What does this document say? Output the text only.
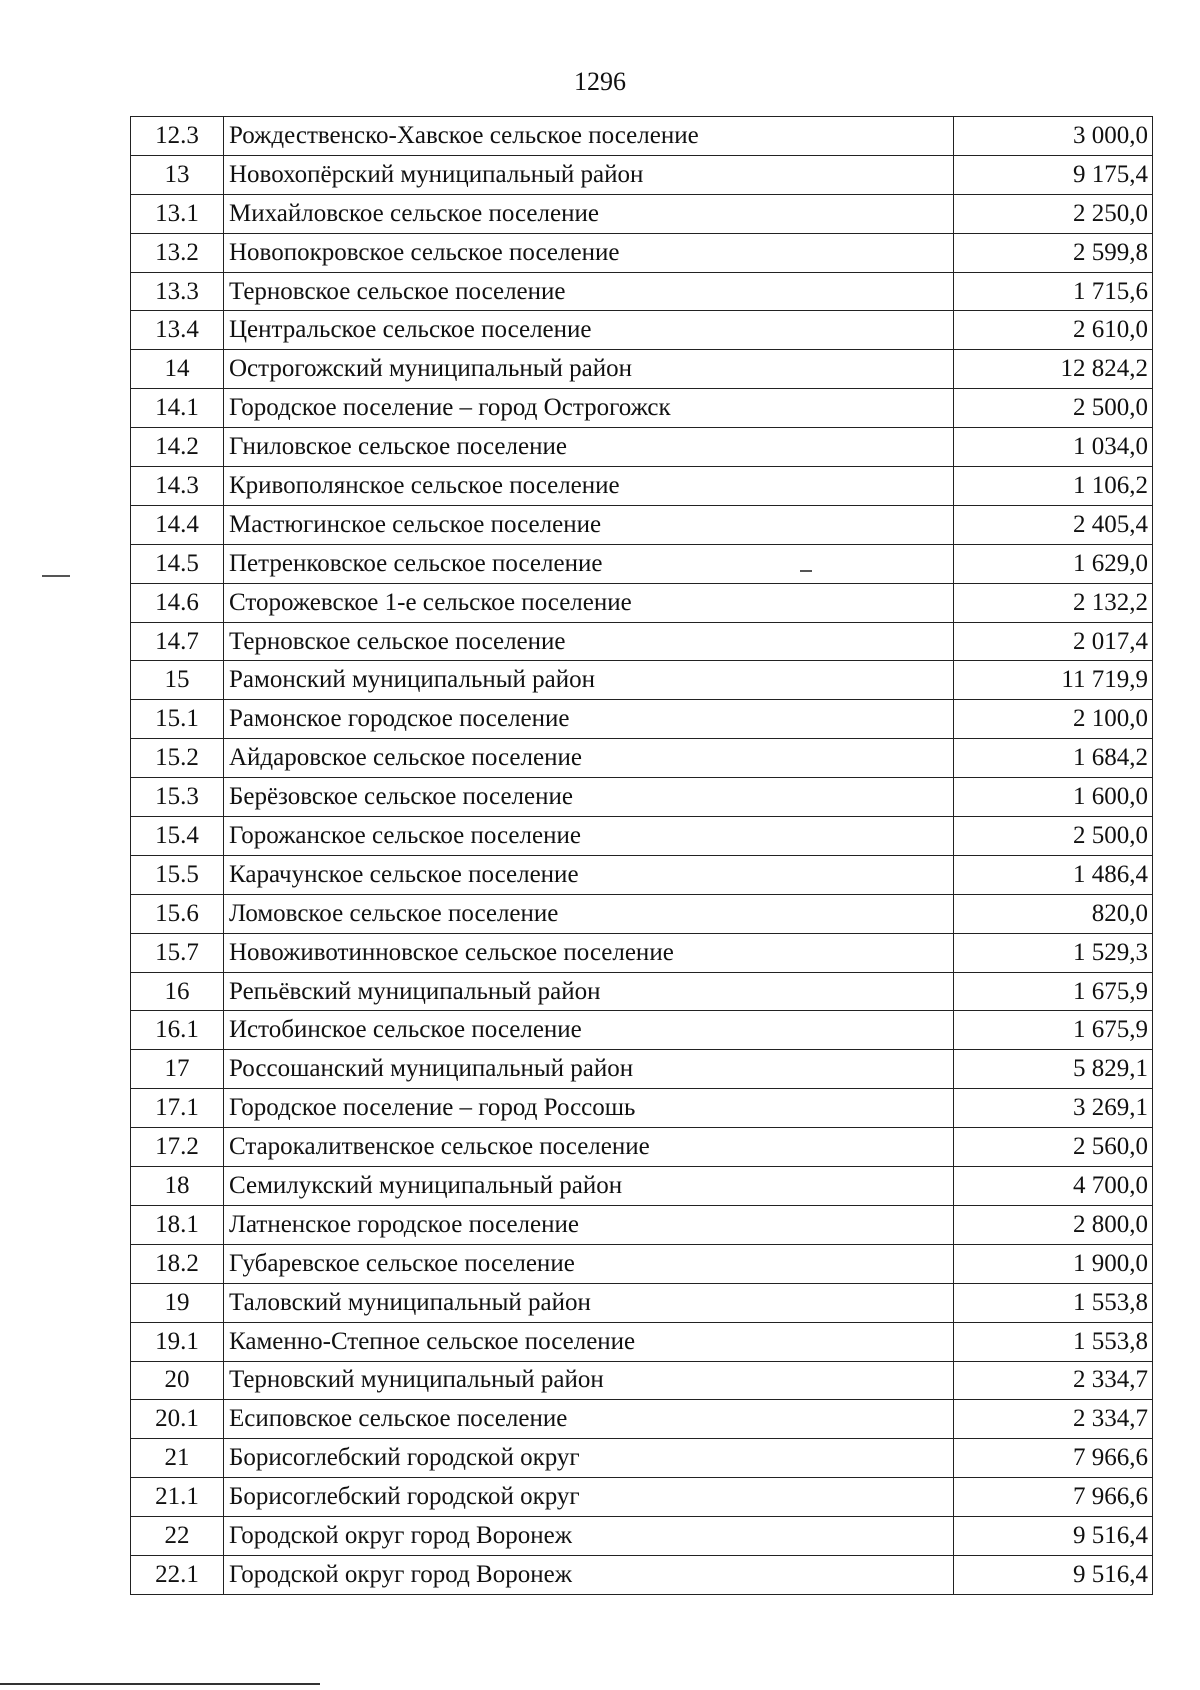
1296
12.3	Рождественско-Хавское сельское поселение	3 000,0
13	Новохопёрский муниципальный район	9 175,4
13.1	Михайловское сельское поселение	2 250,0
13.2	Новопокровское сельское поселение	2 599,8
13.3	Терновское сельское поселение	1 715,6
13.4	Центральское сельское поселение	2 610,0
14	Острогожский муниципальный район	12 824,2
14.1	Городское поселение – город Острогожск	2 500,0
14.2	Гниловское сельское поселение	1 034,0
14.3	Кривополянское сельское поселение	1 106,2
14.4	Мастюгинское сельское поселение	2 405,4
14.5	Петренковское сельское поселение	1 629,0
14.6	Сторожевское 1-е сельское поселение	2 132,2
14.7	Терновское сельское поселение	2 017,4
15	Рамонский муниципальный район	11 719,9
15.1	Рамонское городское поселение	2 100,0
15.2	Айдаровское сельское поселение	1 684,2
15.3	Берёзовское сельское поселение	1 600,0
15.4	Горожанское сельское поселение	2 500,0
15.5	Карачунское сельское поселение	1 486,4
15.6	Ломовское сельское поселение	820,0
15.7	Новоживотинновское сельское поселение	1 529,3
16	Репьёвский муниципальный район	1 675,9
16.1	Истобинское сельское поселение	1 675,9
17	Россошанский муниципальный район	5 829,1
17.1	Городское поселение – город Россошь	3 269,1
17.2	Старокалитвенское сельское поселение	2 560,0
18	Семилукский муниципальный район	4 700,0
18.1	Латненское городское поселение	2 800,0
18.2	Губаревское сельское поселение	1 900,0
19	Таловский муниципальный район	1 553,8
19.1	Каменно-Степное сельское поселение	1 553,8
20	Терновский муниципальный район	2 334,7
20.1	Есиповское сельское поселение	2 334,7
21	Борисоглебский городской округ	7 966,6
21.1	Борисоглебский городской округ	7 966,6
22	Городской округ город Воронеж	9 516,4
22.1	Городской округ город Воронеж	9 516,4
